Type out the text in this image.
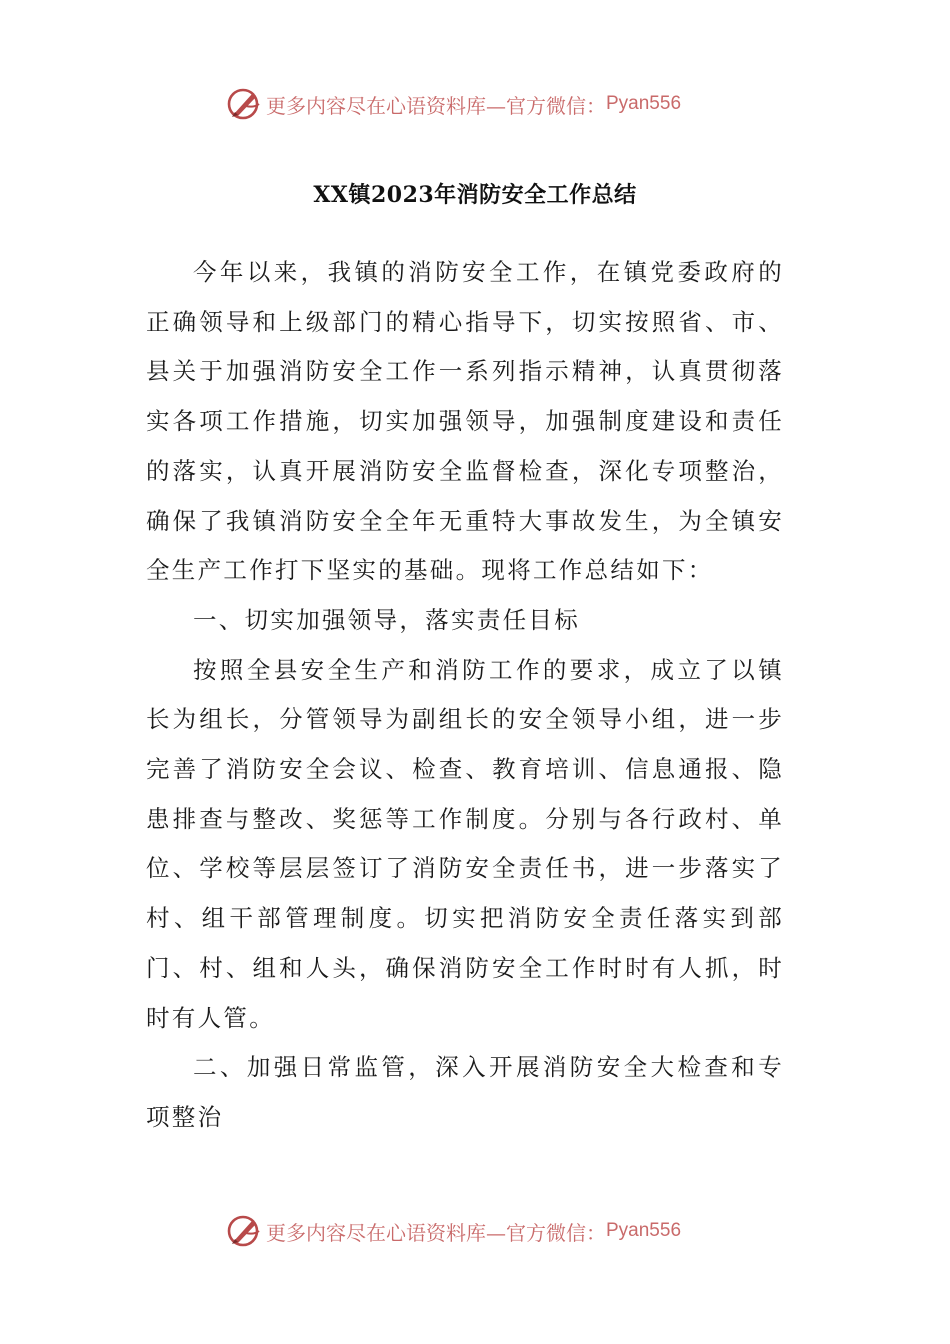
更多内容尽在心语资料库—官方微信： Pyan556
XX镇2023年消防安全工作总结

今年以来，我镇的消防安全工作，在镇党委政府的正确领导和上级部门的精心指导下，切实按照省、市、县关于加强消防安全工作一系列指示精神，认真贯彻落实各项工作措施，切实加强领导，加强制度建设和责任的落实，认真开展消防安全监督检查，深化专项整治，确保了我镇消防安全全年无重特大事故发生，为全镇安全生产工作打下坚实的基础。现将工作总结如下：

一、切实加强领导，落实责任目标

按照全县安全生产和消防工作的要求，成立了以镇长为组长，分管领导为副组长的安全领导小组，进一步完善了消防安全会议、检查、教育培训、信息通报、隐患排查与整改、奖惩等工作制度。分别与各行政村、单位、学校等层层签订了消防安全责任书，进一步落实了村、组干部管理制度。切实把消防安全责任落实到部门、村、组和人头，确保消防安全工作时时有人抓，时时有人管。

二、加强日常监管，深入开展消防安全大检查和专项整治

更多内容尽在心语资料库—官方微信： Pyan556
